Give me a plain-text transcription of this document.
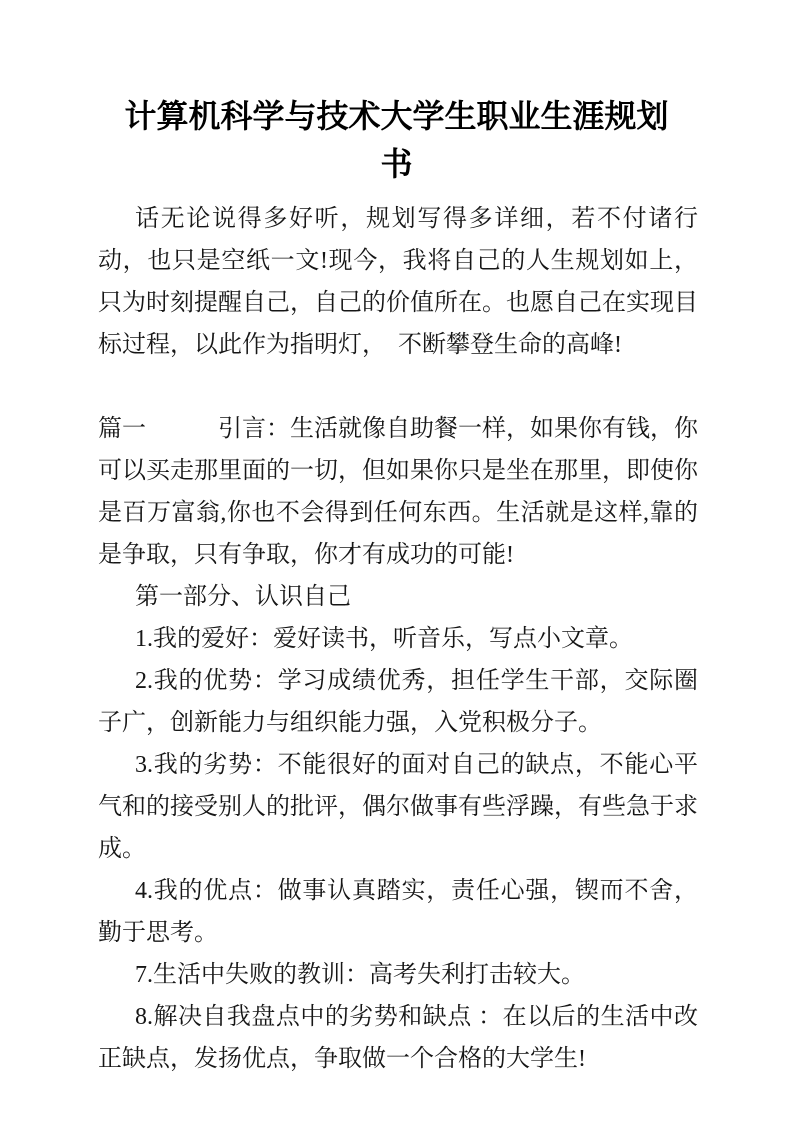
计算机科学与技术大学生职业生涯规划书

话无论说得多好听，规划写得多详细，若不付诸行动，也只是空纸一文!现今，我将自己的人生规划如上，只为时刻提醒自己，自己的价值所在。也愿自己在实现目标过程，以此作为指明灯，　不断攀登生命的高峰!

篇一　　　引言：生活就像自助餐一样，如果你有钱，你可以买走那里面的一切，但如果你只是坐在那里，即使你是百万富翁,你也不会得到任何东西。生活就是这样,靠的是争取，只有争取，你才有成功的可能!

第一部分、认识自己

1.我的爱好：爱好读书，听音乐，写点小文章。

2.我的优势：学习成绩优秀，担任学生干部，交际圈子广，创新能力与组织能力强，入党积极分子。

3.我的劣势：不能很好的面对自己的缺点，不能心平气和的接受别人的批评，偶尔做事有些浮躁，有些急于求成。

4.我的优点：做事认真踏实，责任心强，锲而不舍，勤于思考。

7.生活中失败的教训：高考失利打击较大。

8.解决自我盘点中的劣势和缺点 ：在以后的生活中改正缺点，发扬优点，争取做一个合格的大学生!
